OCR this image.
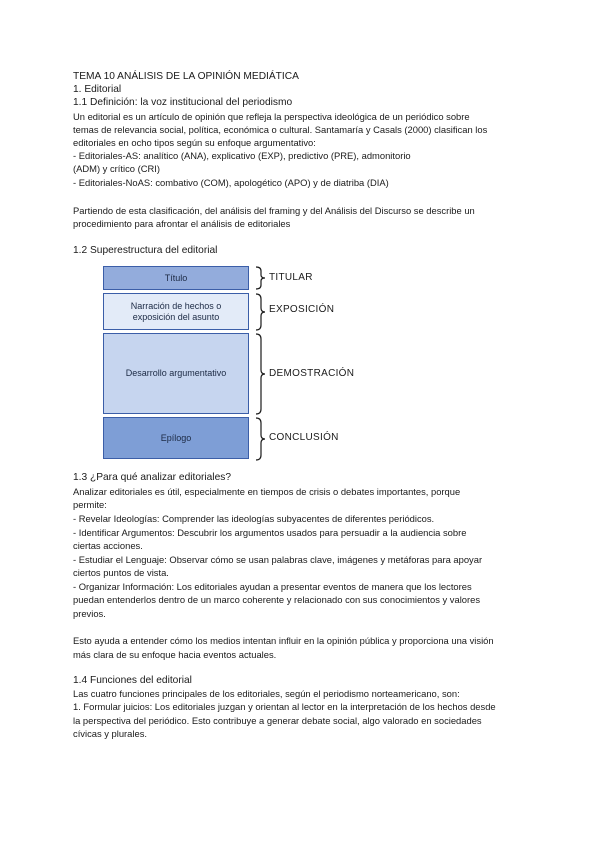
TEMA 10 ANÁLISIS DE LA OPINIÓN MEDIÁTICA
1. Editorial
1.1 Definición: la voz institucional del periodismo
Un editorial es un artículo de opinión que refleja la perspectiva ideológica de un periódico sobre
temas de relevancia social, política, económica o cultural. Santamaría y Casals (2000) clasifican los
editoriales en ocho tipos según su enfoque argumentativo:
- Editoriales-AS: analítico (ANA), explicativo (EXP), predictivo (PRE), admonitorio
(ADM) y crítico (CRI)
- Editoriales-NoAS: combativo (COM), apologético (APO) y de diatriba (DIA)
Partiendo de esta clasificación, del análisis del framing y del Análisis del Discurso se describe un
procedimiento para afrontar el análisis de editoriales
1.2 Superestructura del editorial
Título
Narración de hechos o exposición del asunto
Desarrollo argumentativo
Epílogo
TITULAR
EXPOSICIÓN
DEMOSTRACIÓN
CONCLUSIÓN
1.3 ¿Para qué analizar editoriales?
Analizar editoriales es útil, especialmente en tiempos de crisis o debates importantes, porque
permite:
- Revelar Ideologías: Comprender las ideologías subyacentes de diferentes periódicos.
- Identificar Argumentos: Descubrir los argumentos usados para persuadir a la audiencia sobre
ciertas acciones.
- Estudiar el Lenguaje: Observar cómo se usan palabras clave, imágenes y metáforas para apoyar
ciertos puntos de vista.
- Organizar Información: Los editoriales ayudan a presentar eventos de manera que los lectores
puedan entenderlos dentro de un marco coherente y relacionado con sus conocimientos y valores
previos.
Esto ayuda a entender cómo los medios intentan influir en la opinión pública y proporciona una visión
más clara de su enfoque hacia eventos actuales.
1.4 Funciones del editorial
Las cuatro funciones principales de los editoriales, según el periodismo norteamericano, son:
1. Formular juicios: Los editoriales juzgan y orientan al lector en la interpretación de los hechos desde
la perspectiva del periódico. Esto contribuye a generar debate social, algo valorado en sociedades
cívicas y plurales.
